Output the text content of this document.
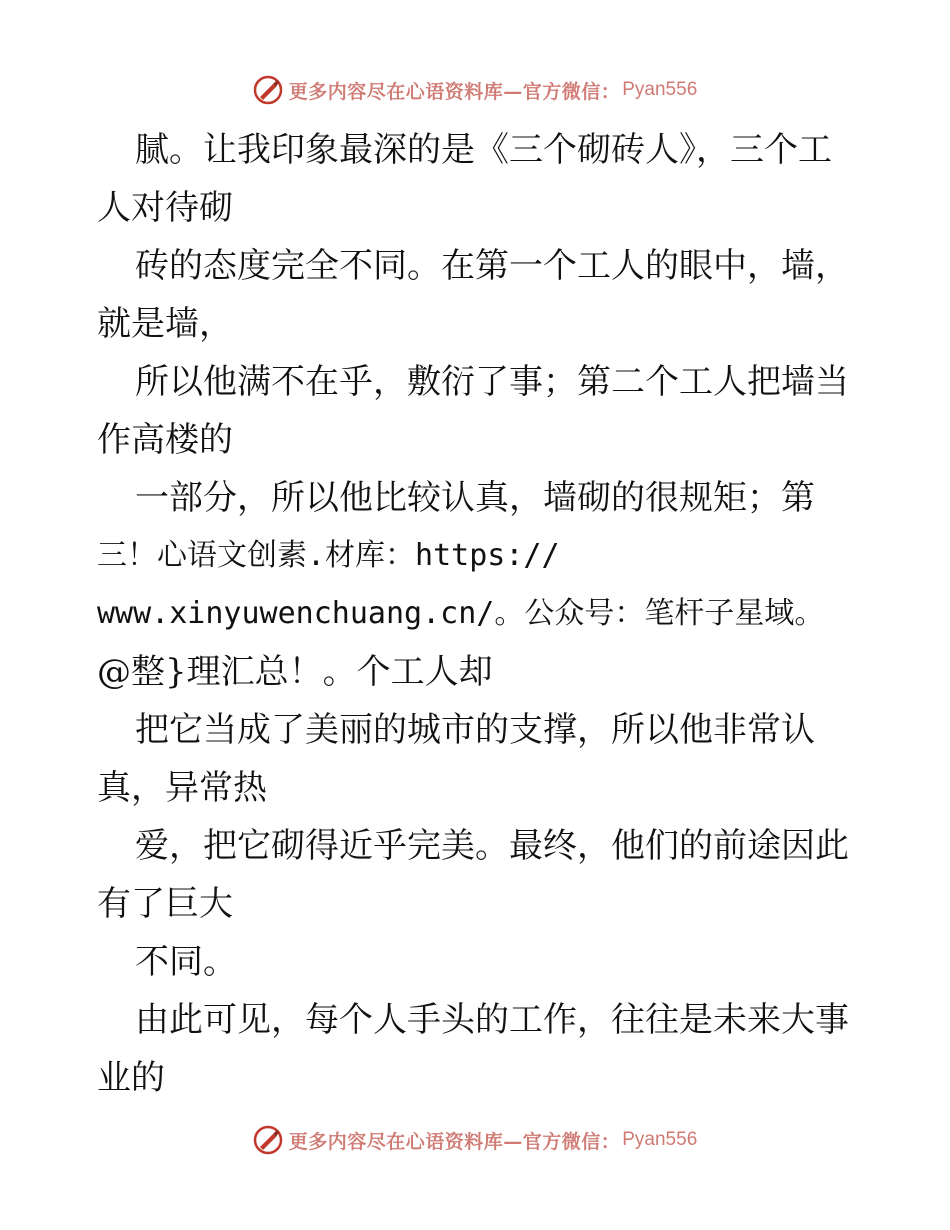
更多内容尽在心语资料库—官方微信： Pyan556

腻。让我印象最深的是《三个砌砖人》，三个工

人对待砌

砖的态度完全不同。在第一个工人的眼中，墙，

就是墙，

所以他满不在乎，敷衍了事；第二个工人把墙当

作高楼的

一部分，所以他比较认真，墙砌的很规矩；第

三！心语文创素.材库：https://

www.xinyuwenchuang.cn/。公众号：笔杆子星域。

@整}理汇总！。个工人却

把它当成了美丽的城市的支撑，所以他非常认

真，异常热

爱，把它砌得近乎完美。最终，他们的前途因此

有了巨大

不同。

由此可见，每个人手头的工作，往往是未来大事

业的

更多内容尽在心语资料库—官方微信： Pyan556
